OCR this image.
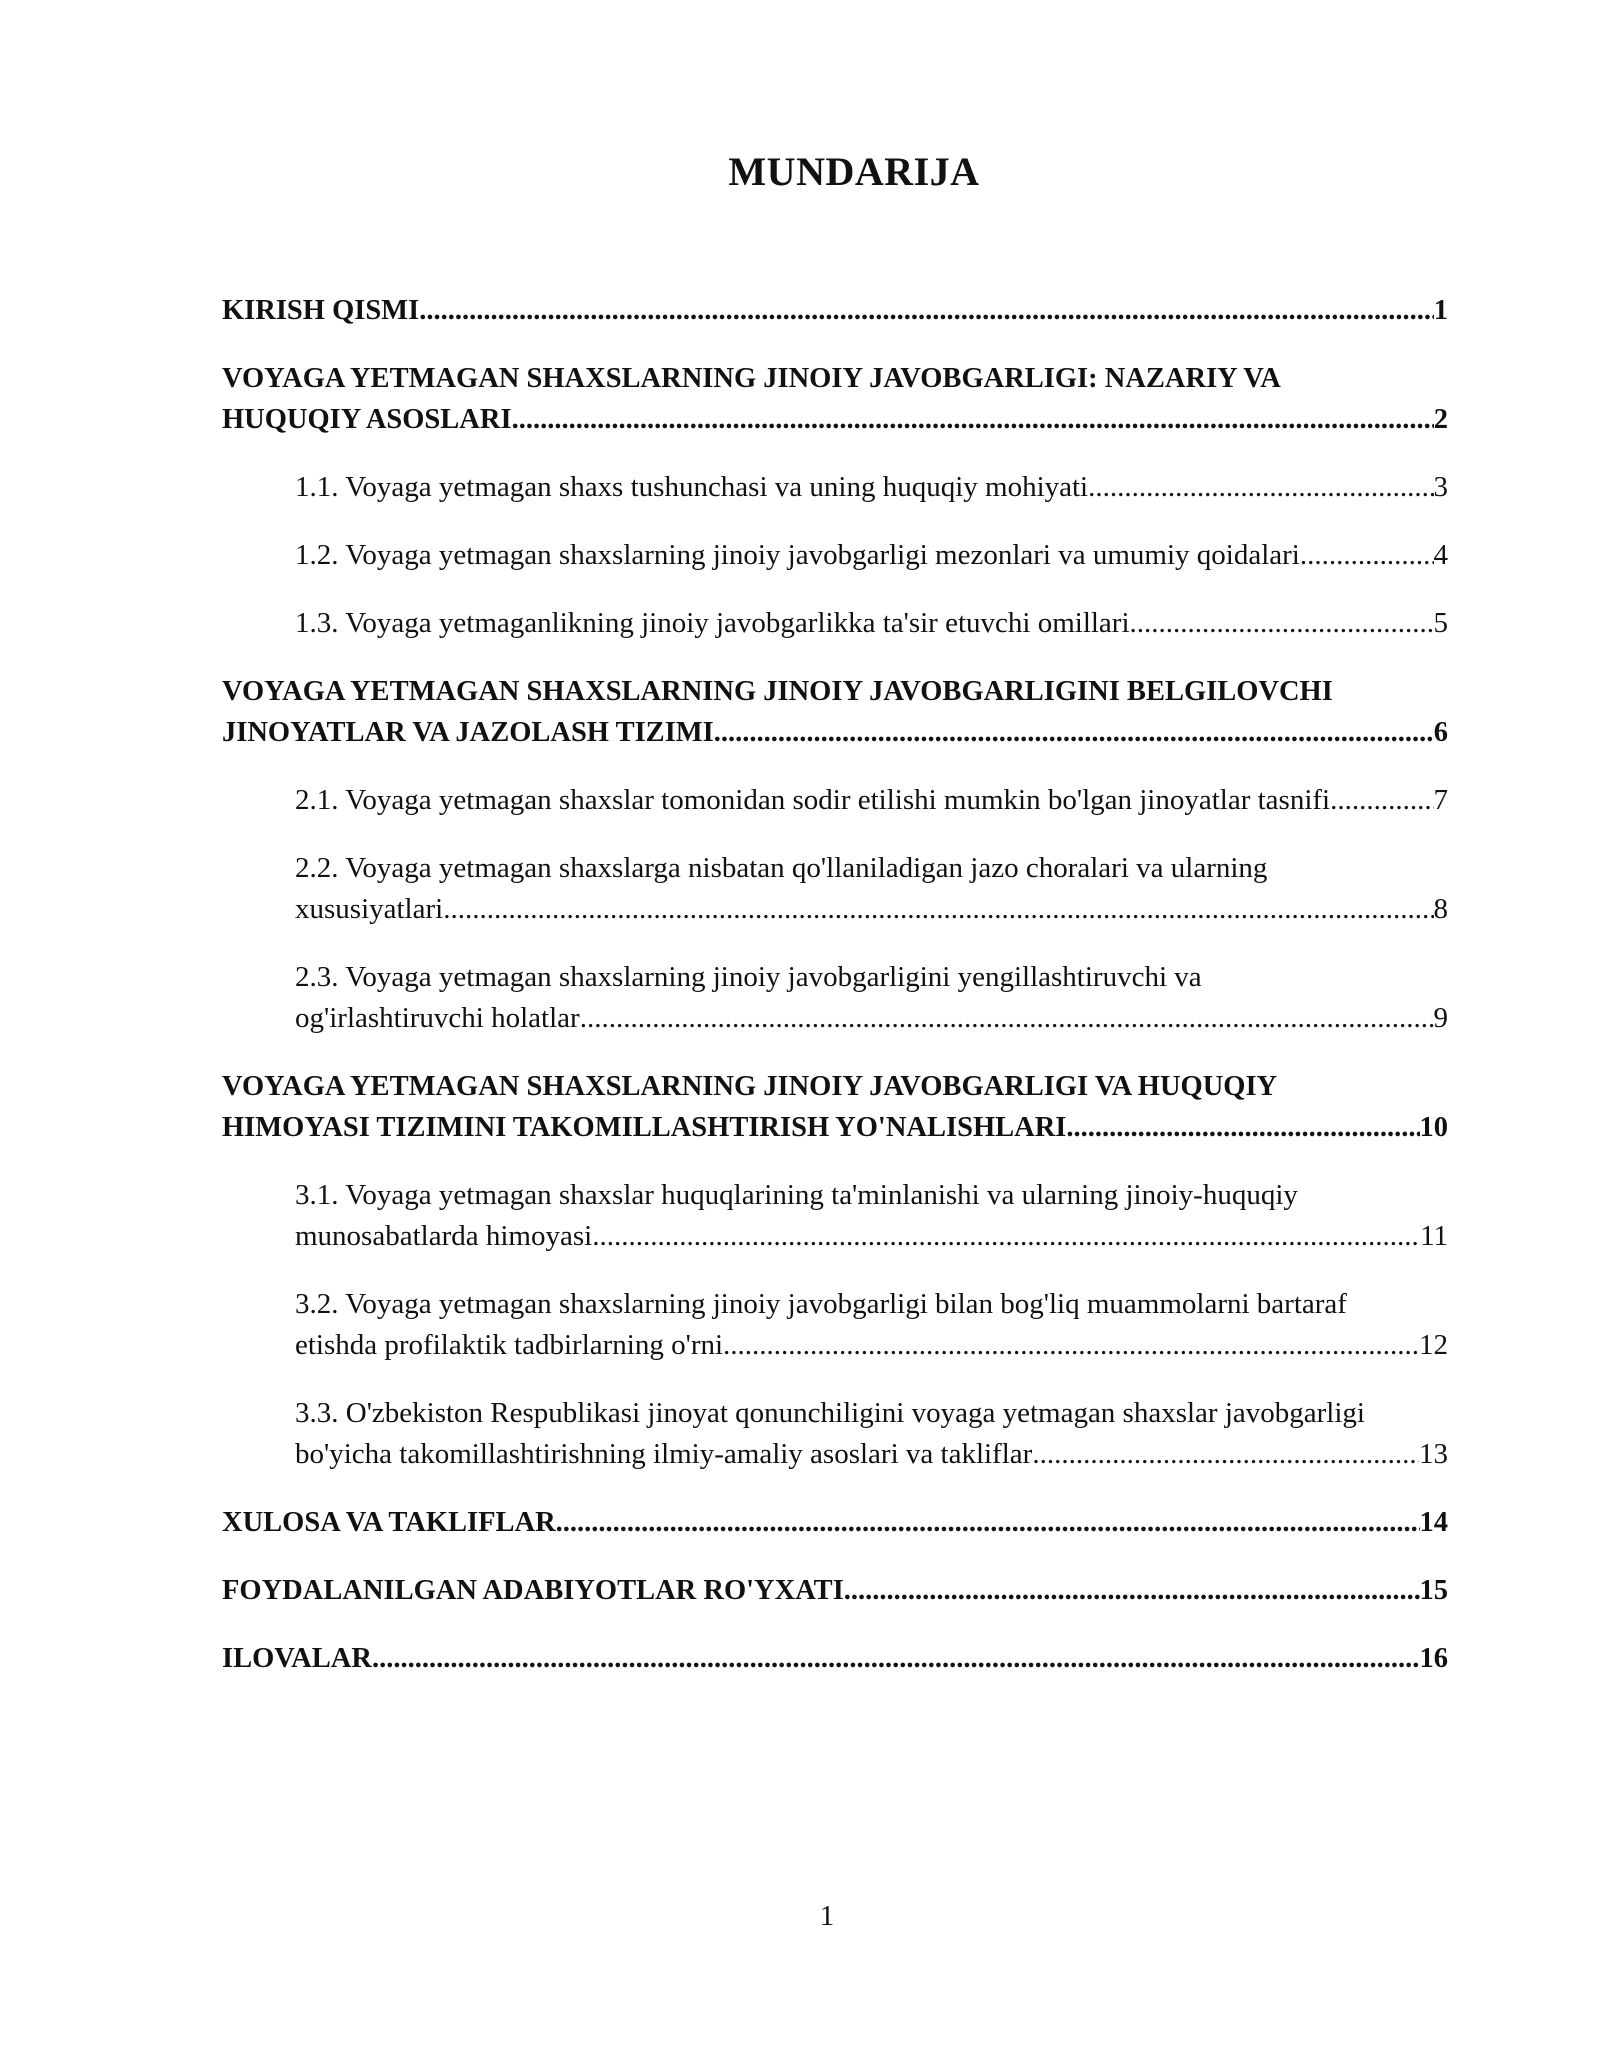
MUNDARIJA
KIRISH QISMI .....	1
VOYAGA YETMAGAN SHAXSLARNING JINOIY JAVOBGARLIGI: NAZARIY VA
HUQUQIY ASOSLARI .....	2
1.1. Voyaga yetmagan shaxs tushunchasi va uning huquqiy mohiyati .....	3
1.2. Voyaga yetmagan shaxslarning jinoiy javobgarligi mezonlari va umumiy qoidalari .....	4
1.3. Voyaga yetmaganlikning jinoiy javobgarlikka ta'sir etuvchi omillari .....	5
VOYAGA YETMAGAN SHAXSLARNING JINOIY JAVOBGARLIGINI BELGILOVCHI
JINOYATLAR VA JAZOLASH TIZIMI .....	6
2.1. Voyaga yetmagan shaxslar tomonidan sodir etilishi mumkin bo'lgan jinoyatlar tasnifi .....	7
2.2. Voyaga yetmagan shaxslarga nisbatan qo'llaniladigan jazo choralari va ularning
xususiyatlari .....	8
2.3. Voyaga yetmagan shaxslarning jinoiy javobgarligini yengillashtiruvchi va
og'irlashtiruvchi holatlar .....	9
VOYAGA YETMAGAN SHAXSLARNING JINOIY JAVOBGARLIGI VA HUQUQIY
HIMOYASI TIZIMINI TAKOMILLASHTIRISH YO'NALISHLARI .....	10
3.1. Voyaga yetmagan shaxslar huquqlarining ta'minlanishi va ularning jinoiy-huquqiy
munosabatlarda himoyasi .....	11
3.2. Voyaga yetmagan shaxslarning jinoiy javobgarligi bilan bog'liq muammolarni bartaraf
etishda profilaktik tadbirlarning o'rni .....	12
3.3. O'zbekiston Respublikasi jinoyat qonunchiligini voyaga yetmagan shaxslar javobgarligi
bo'yicha takomillashtirishning ilmiy-amaliy asoslari va takliflar .....	13
XULOSA VA TAKLIFLAR .....	14
FOYDALANILGAN ADABIYOTLAR RO'YXATI .....	15
ILOVALAR .....	16
1
